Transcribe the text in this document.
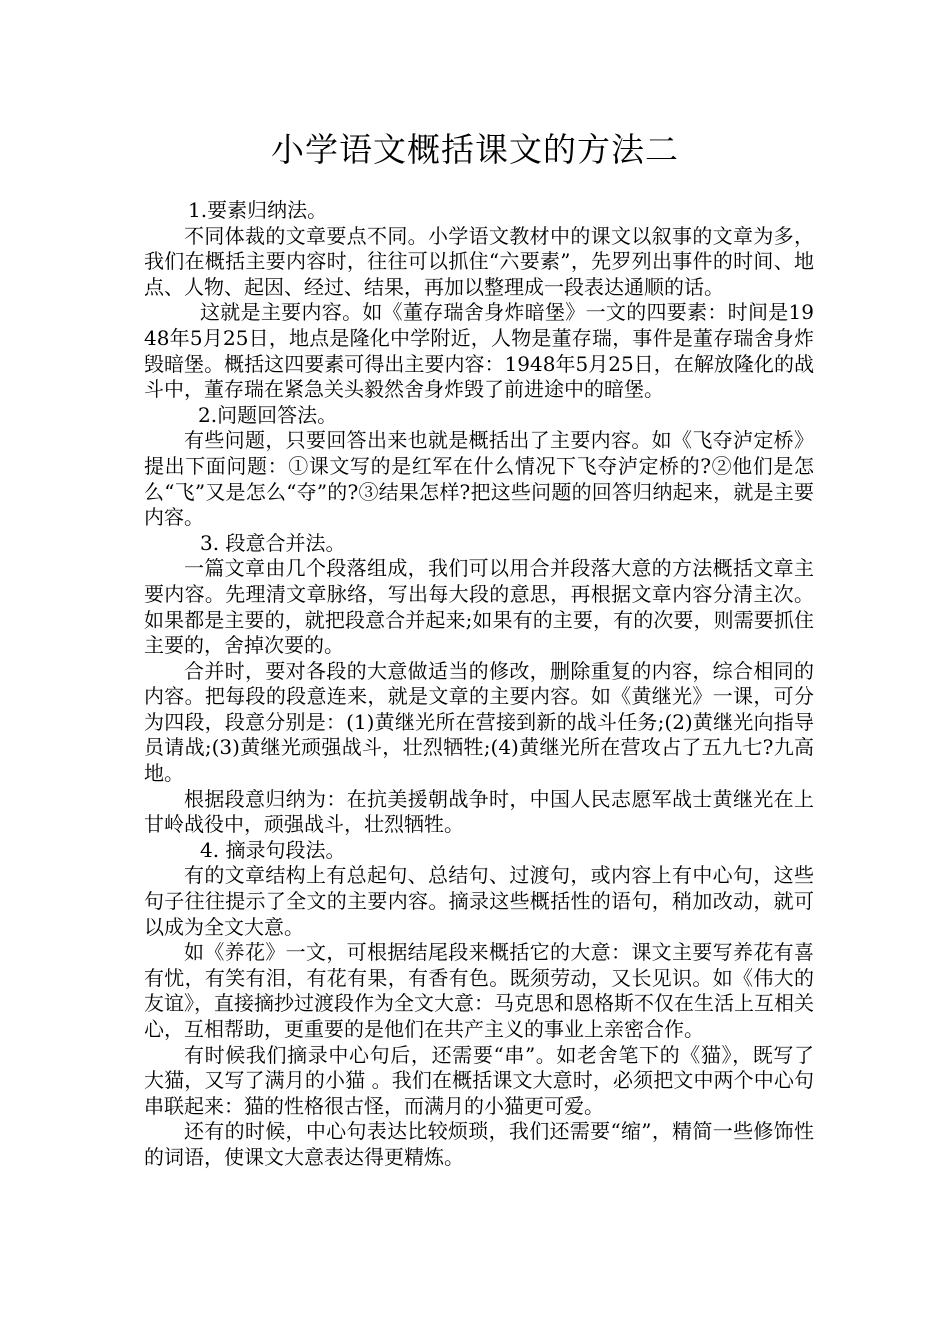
小学语文概括课文的方法二

1.要素归纳法。

不同体裁的文章要点不同。小学语文教材中的课文以叙事的文章为多，我们在概括主要内容时，往往可以抓住“六要素”，先罗列出事件的时间、地点、人物、起因、经过、结果，再加以整理成一段表达通顺的话。

这就是主要内容。如《董存瑞舍身炸暗堡》一文的四要素：时间是1948年5月25日，地点是隆化中学附近，人物是董存瑞，事件是董存瑞舍身炸毁暗堡。概括这四要素可得出主要内容：1948年5月25日，在解放隆化的战斗中，董存瑞在紧急关头毅然舍身炸毁了前进途中的暗堡。

2.问题回答法。

有些问题，只要回答出来也就是概括出了主要内容。如《飞夺泸定桥》提出下面问题：①课文写的是红军在什么情况下飞夺泸定桥的?②他们是怎么“飞”又是怎么“夺”的?③结果怎样?把这些问题的回答归纳起来，就是主要内容。

3. 段意合并法。

一篇文章由几个段落组成，我们可以用合并段落大意的方法概括文章主要内容。先理清文章脉络，写出每大段的意思，再根据文章内容分清主次。如果都是主要的，就把段意合并起来;如果有的主要，有的次要，则需要抓住主要的，舍掉次要的。

合并时，要对各段的大意做适当的修改，删除重复的内容，综合相同的内容。把每段的段意连来，就是文章的主要内容。如《黄继光》一课，可分为四段，段意分别是：(1)黄继光所在营接到新的战斗任务;(2)黄继光向指导员请战;(3)黄继光顽强战斗，壮烈牺牲;(4)黄继光所在营攻占了五九七?九高地。

根据段意归纳为：在抗美援朝战争时，中国人民志愿军战士黄继光在上甘岭战役中，顽强战斗，壮烈牺牲。

4. 摘录句段法。

有的文章结构上有总起句、总结句、过渡句，或内容上有中心句，这些句子往往提示了全文的主要内容。摘录这些概括性的语句，稍加改动，就可以成为全文大意。

如《养花》一文，可根据结尾段来概括它的大意：课文主要写养花有喜有忧，有笑有泪，有花有果，有香有色。既须劳动，又长见识。如《伟大的友谊》，直接摘抄过渡段作为全文大意：马克思和恩格斯不仅在生活上互相关心，互相帮助，更重要的是他们在共产主义的事业上亲密合作。

有时候我们摘录中心句后，还需要“串”。如老舍笔下的《猫》，既写了大猫，又写了满月的小猫 。我们在概括课文大意时，必须把文中两个中心句串联起来：猫的性格很古怪，而满月的小猫更可爱。

还有的时候，中心句表达比较烦琐，我们还需要“缩”，精简一些修饰性的词语，使课文大意表达得更精炼。
